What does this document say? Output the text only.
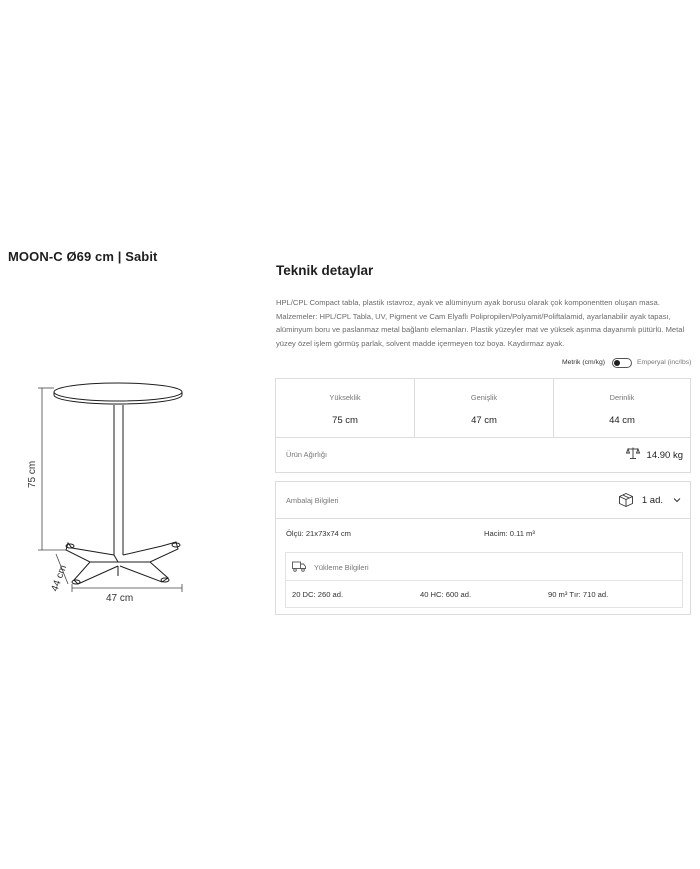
MOON-C Ø69 cm | Sabit
75 cm
44 cm
47 cm
Teknik detaylar
HPL/CPL Compact tabla, plastik ıstavroz, ayak ve alüminyum ayak borusu olarak çok komponentten oluşan masa. Malzemeler: HPL/CPL Tabla, UV, Pigment ve Cam Elyaflı Polipropilen/Polyamit/Poliftalamid, ayarlanabilir ayak tapası, alüminyum boru ve paslanmaz metal bağlantı elemanları. Plastik yüzeyler mat ve yüksek aşınma dayanımlı pütürlü. Metal yüzey özel işlem görmüş parlak, solvent madde içermeyen toz boya. Kaydırmaz ayak.
Metrik (cm/kg)	Emperyal (inc/lbs)
Yükseklik
75 cm
Genişlik
47 cm
Derinlik
44 cm
Ürün Ağırlığı	14.90 kg
Ambalaj Bilgileri	1 ad.
Ölçü: 21x73x74 cm	Hacim: 0.11 m³
Yükleme Bilgileri
20 DC: 260 ad.	40 HC: 600 ad.	90 m³ Tır: 710 ad.
